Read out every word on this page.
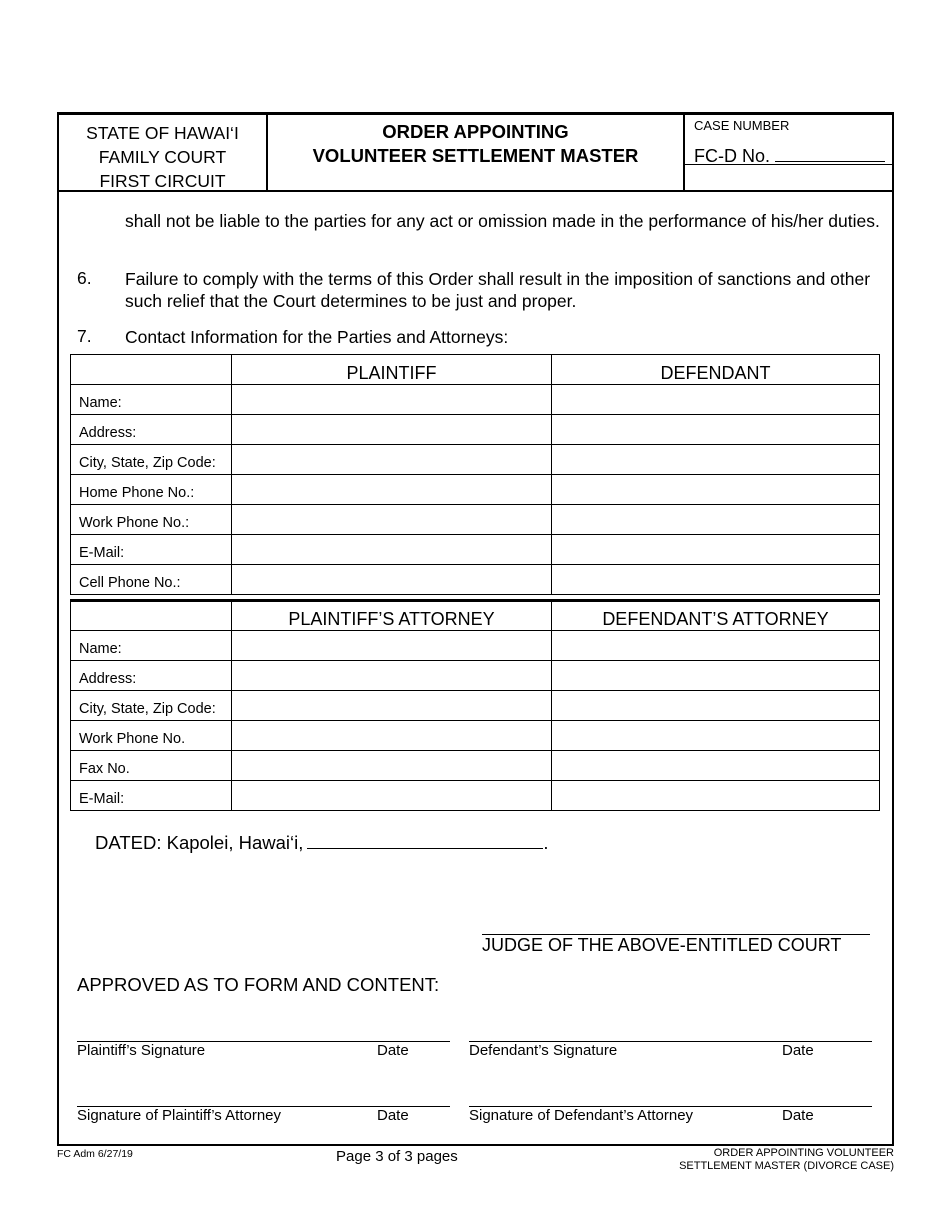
STATE OF HAWAI‘I
FAMILY COURT
FIRST CIRCUIT
ORDER APPOINTING
VOLUNTEER SETTLEMENT MASTER
CASE NUMBER
FC-D No.
shall not be liable to the parties for any act or omission made in the performance of his/her duties.
6. Failure to comply with the terms of this Order shall result in the imposition of sanctions and other such relief that the Court determines to be just and proper.
7. Contact Information for the Parties and Attorneys:
	PLAINTIFF	DEFENDANT
Name:		
Address:		
City, State, Zip Code:		
Home Phone No.:		
Work Phone No.:		
E-Mail:		
Cell Phone No.:		
	PLAINTIFF’S ATTORNEY	DEFENDANT’S ATTORNEY
Name:		
Address:		
City, State, Zip Code:		
Work Phone No.		
Fax No.		
E-Mail:		
DATED: Kapolei, Hawai‘i,	.
JUDGE OF THE ABOVE-ENTITLED COURT
APPROVED AS TO FORM AND CONTENT:
Plaintiff’s Signature	Date	Defendant’s Signature	Date
Signature of Plaintiff’s Attorney	Date	Signature of Defendant’s Attorney	Date
FC Adm 6/27/19	Page 3 of 3 pages	ORDER APPOINTING VOLUNTEER
SETTLEMENT MASTER (DIVORCE CASE)
